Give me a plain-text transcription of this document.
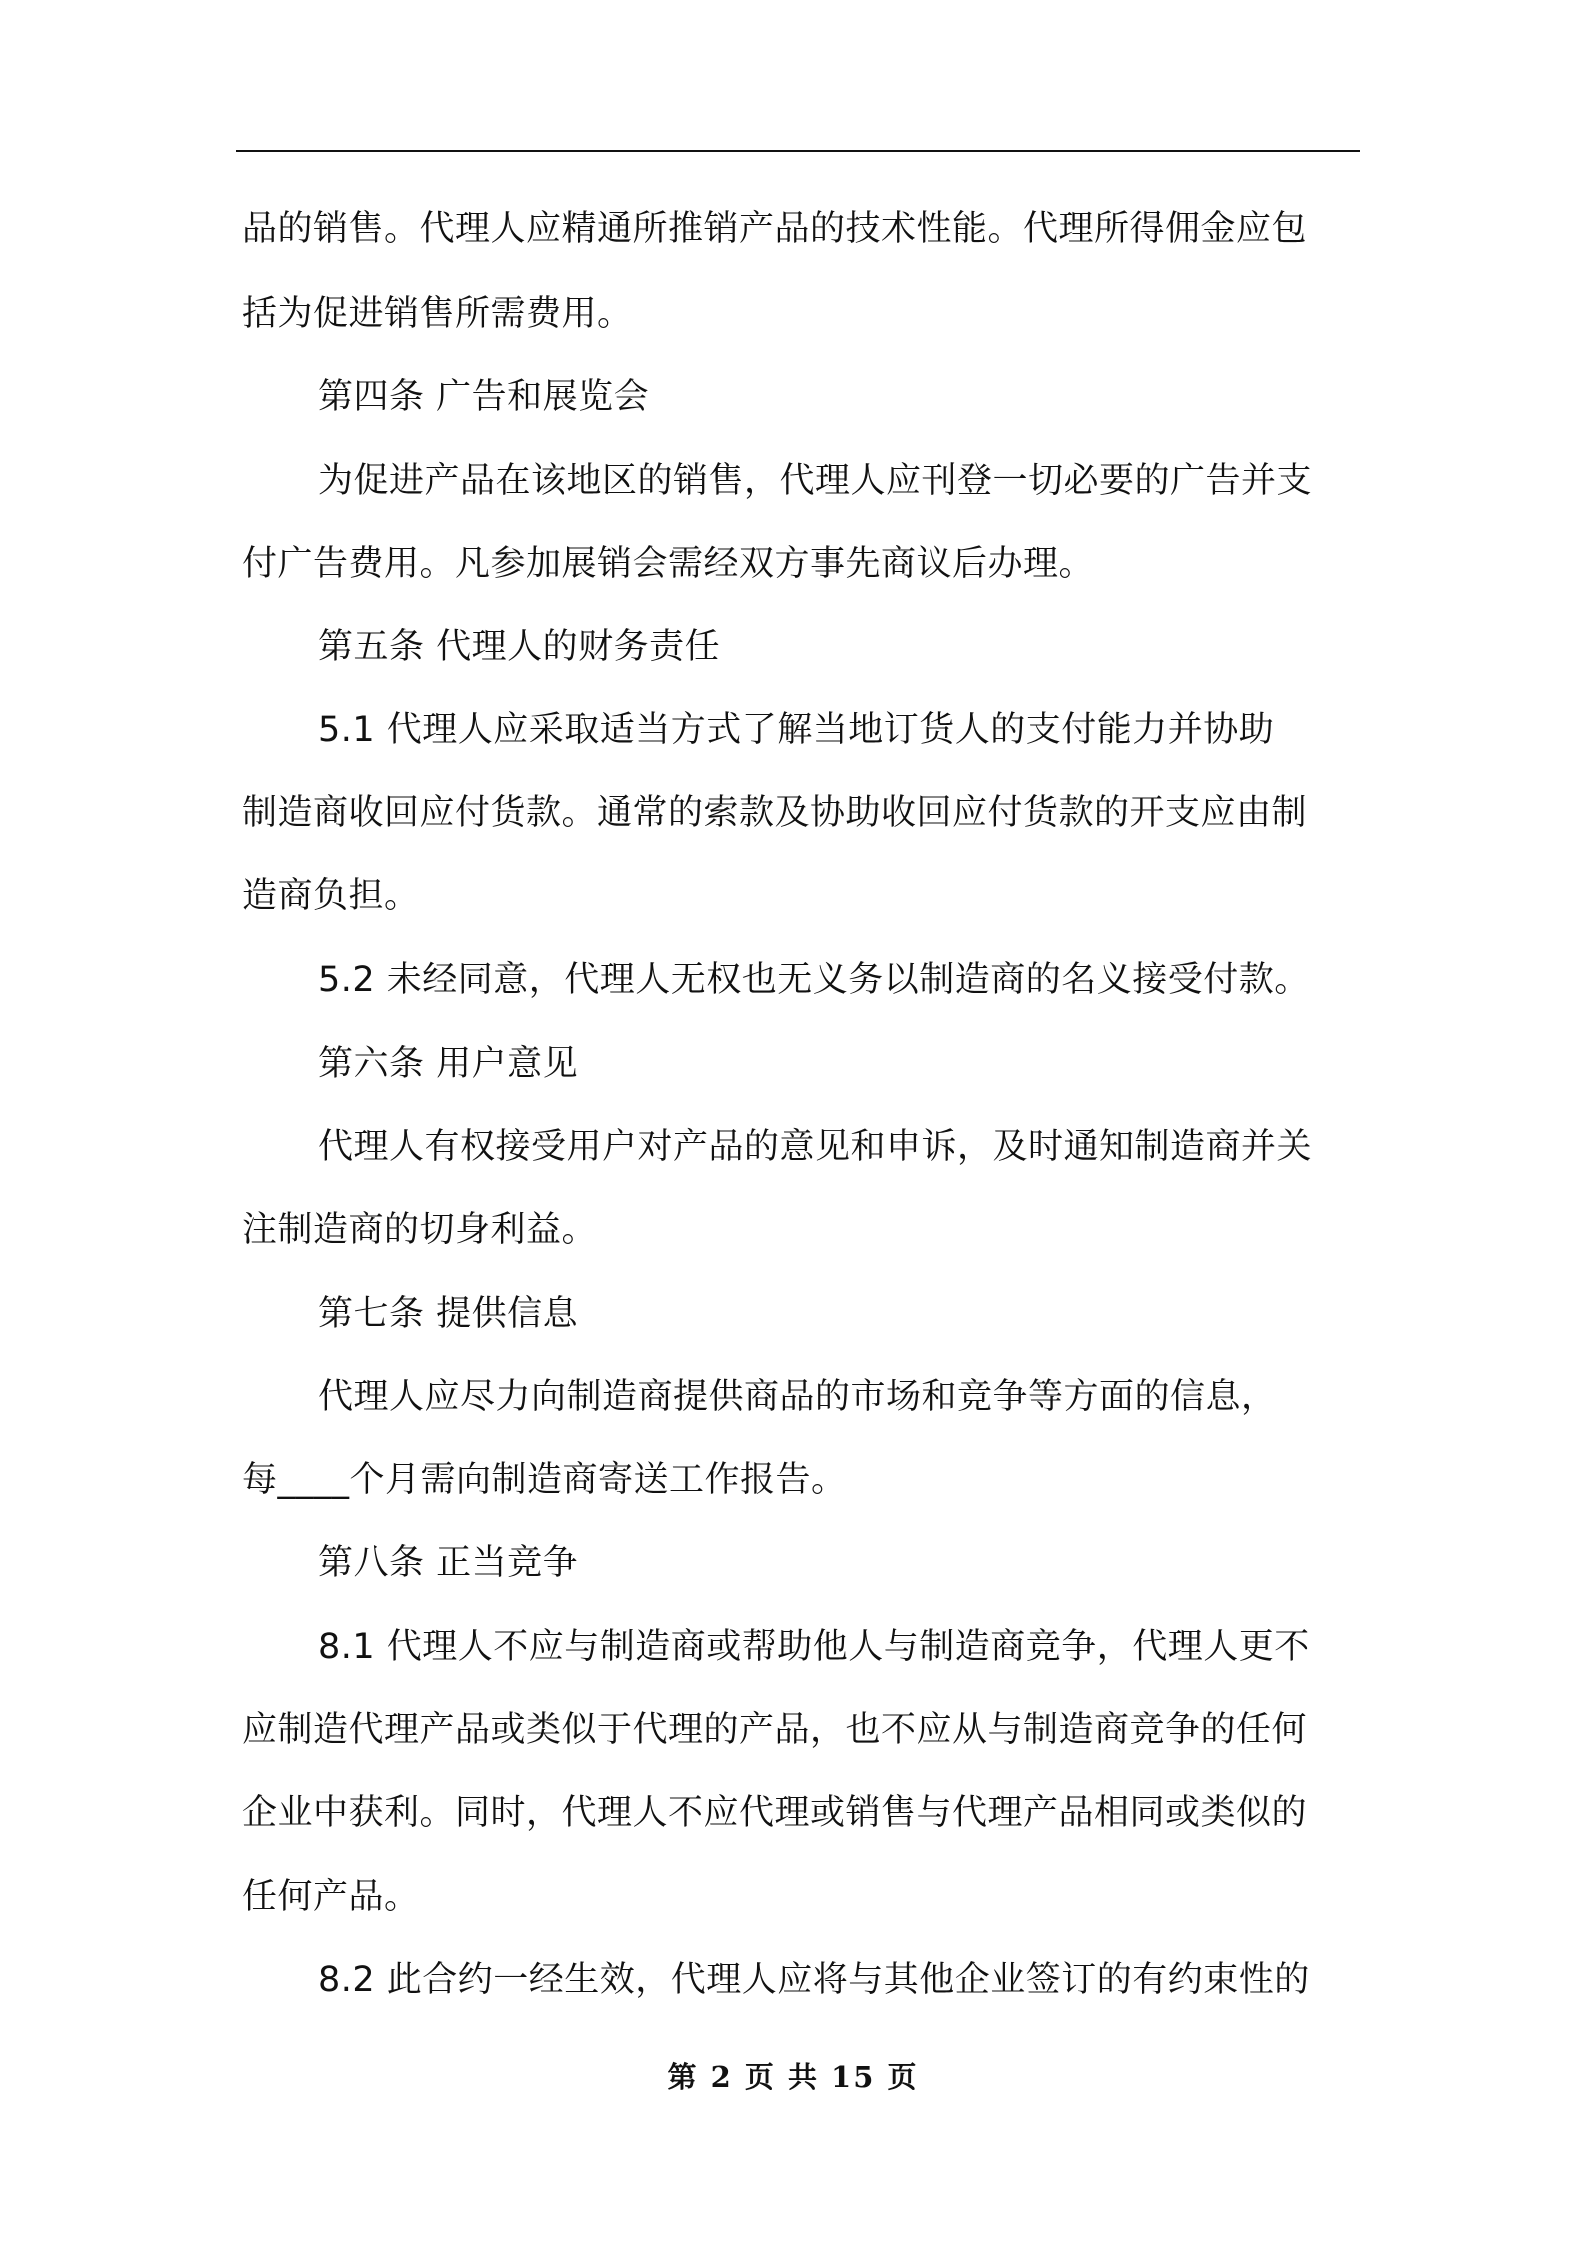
品的销售。代理人应精通所推销产品的技术性能。代理所得佣金应包
括为促进销售所需费用。
第四条 广告和展览会
为促进产品在该地区的销售，代理人应刊登一切必要的广告并支
付广告费用。凡参加展销会需经双方事先商议后办理。
第五条 代理人的财务责任
5.1 代理人应采取适当方式了解当地订货人的支付能力并协助
制造商收回应付货款。通常的索款及协助收回应付货款的开支应由制
造商负担。
5.2 未经同意，代理人无权也无义务以制造商的名义接受付款。
第六条 用户意见
代理人有权接受用户对产品的意见和申诉，及时通知制造商并关
注制造商的切身利益。
第七条 提供信息
代理人应尽力向制造商提供商品的市场和竞争等方面的信息，
每____个月需向制造商寄送工作报告。
第八条 正当竞争
8.1 代理人不应与制造商或帮助他人与制造商竞争，代理人更不
应制造代理产品或类似于代理的产品，也不应从与制造商竞争的任何
企业中获利。同时，代理人不应代理或销售与代理产品相同或类似的
任何产品。
8.2 此合约一经生效，代理人应将与其他企业签订的有约束性的
第 2 页 共 15 页
